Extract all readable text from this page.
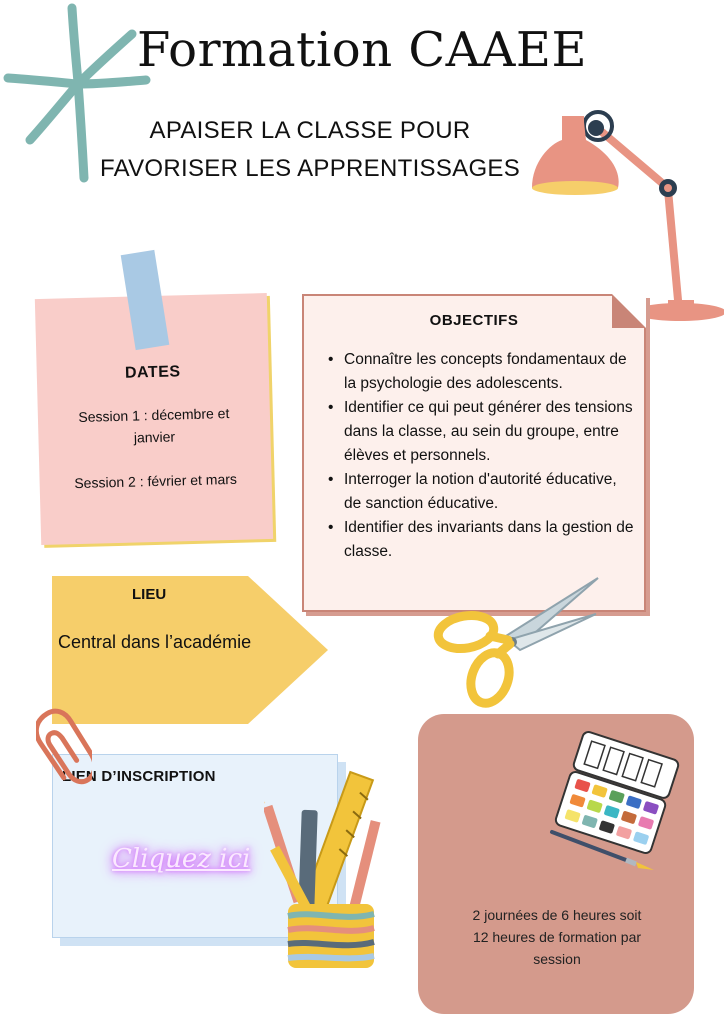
Formation CAAEE
APAISER LA CLASSE POUR
FAVORISER LES APPRENTISSAGES
DATES
Session 1 : décembre et
janvier
Session 2 : février et mars
OBJECTIFS
• Connaître les concepts fondamentaux de la psychologie des adolescents.
• Identifier ce qui peut générer des tensions dans la classe, au sein du groupe, entre élèves et personnels.
• Interroger la notion d'autorité éducative, de sanction éducative.
• Identifier des invariants dans la gestion de classe.
LIEU
Central dans l’académie
LIEN D’INSCRIPTION
Cliquez ici
2 journées de 6 heures soit
12 heures de formation par
session
